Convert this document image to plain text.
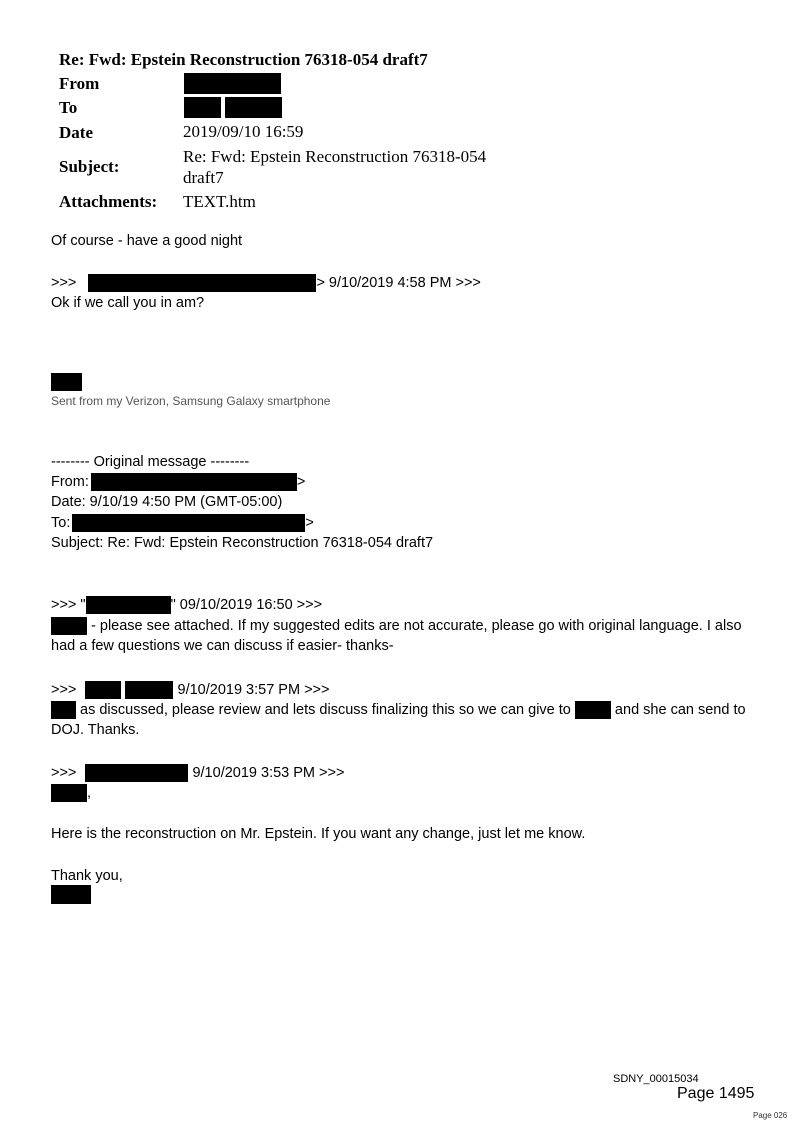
Re: Fwd: Epstein Reconstruction 76318-054 draft7
From
To
Date	2019/09/10 16:59
Subject:
Re: Fwd: Epstein Reconstruction 76318-054
draft7
Attachments: TEXT.htm
Of course - have a good night
>>>	> 9/10/2019 4:58 PM >>>
Ok if we call you in am?
Sent from my Verizon, Samsung Galaxy smartphone
-------- Original message --------
From:	>
Date: 9/10/19 4:50 PM (GMT-05:00)
To:	>
Subject: Re: Fwd: Epstein Reconstruction 76318-054 draft7
>>> "	" 09/10/2019 16:50 >>>
- please see attached. If my suggested edits are not accurate, please go with original language. I also
had a few questions we can discuss if easier- thanks-
>>>	9/10/2019 3:57 PM >>>
as discussed, please review and lets discuss finalizing this so we can give to	and she can send to
DOJ. Thanks.
>>>	9/10/2019 3:53 PM >>>
,
Here is the reconstruction on Mr. Epstein. If you want any change, just let me know.
Thank you,
SDNY_00015034
Page 1495
Page 026
